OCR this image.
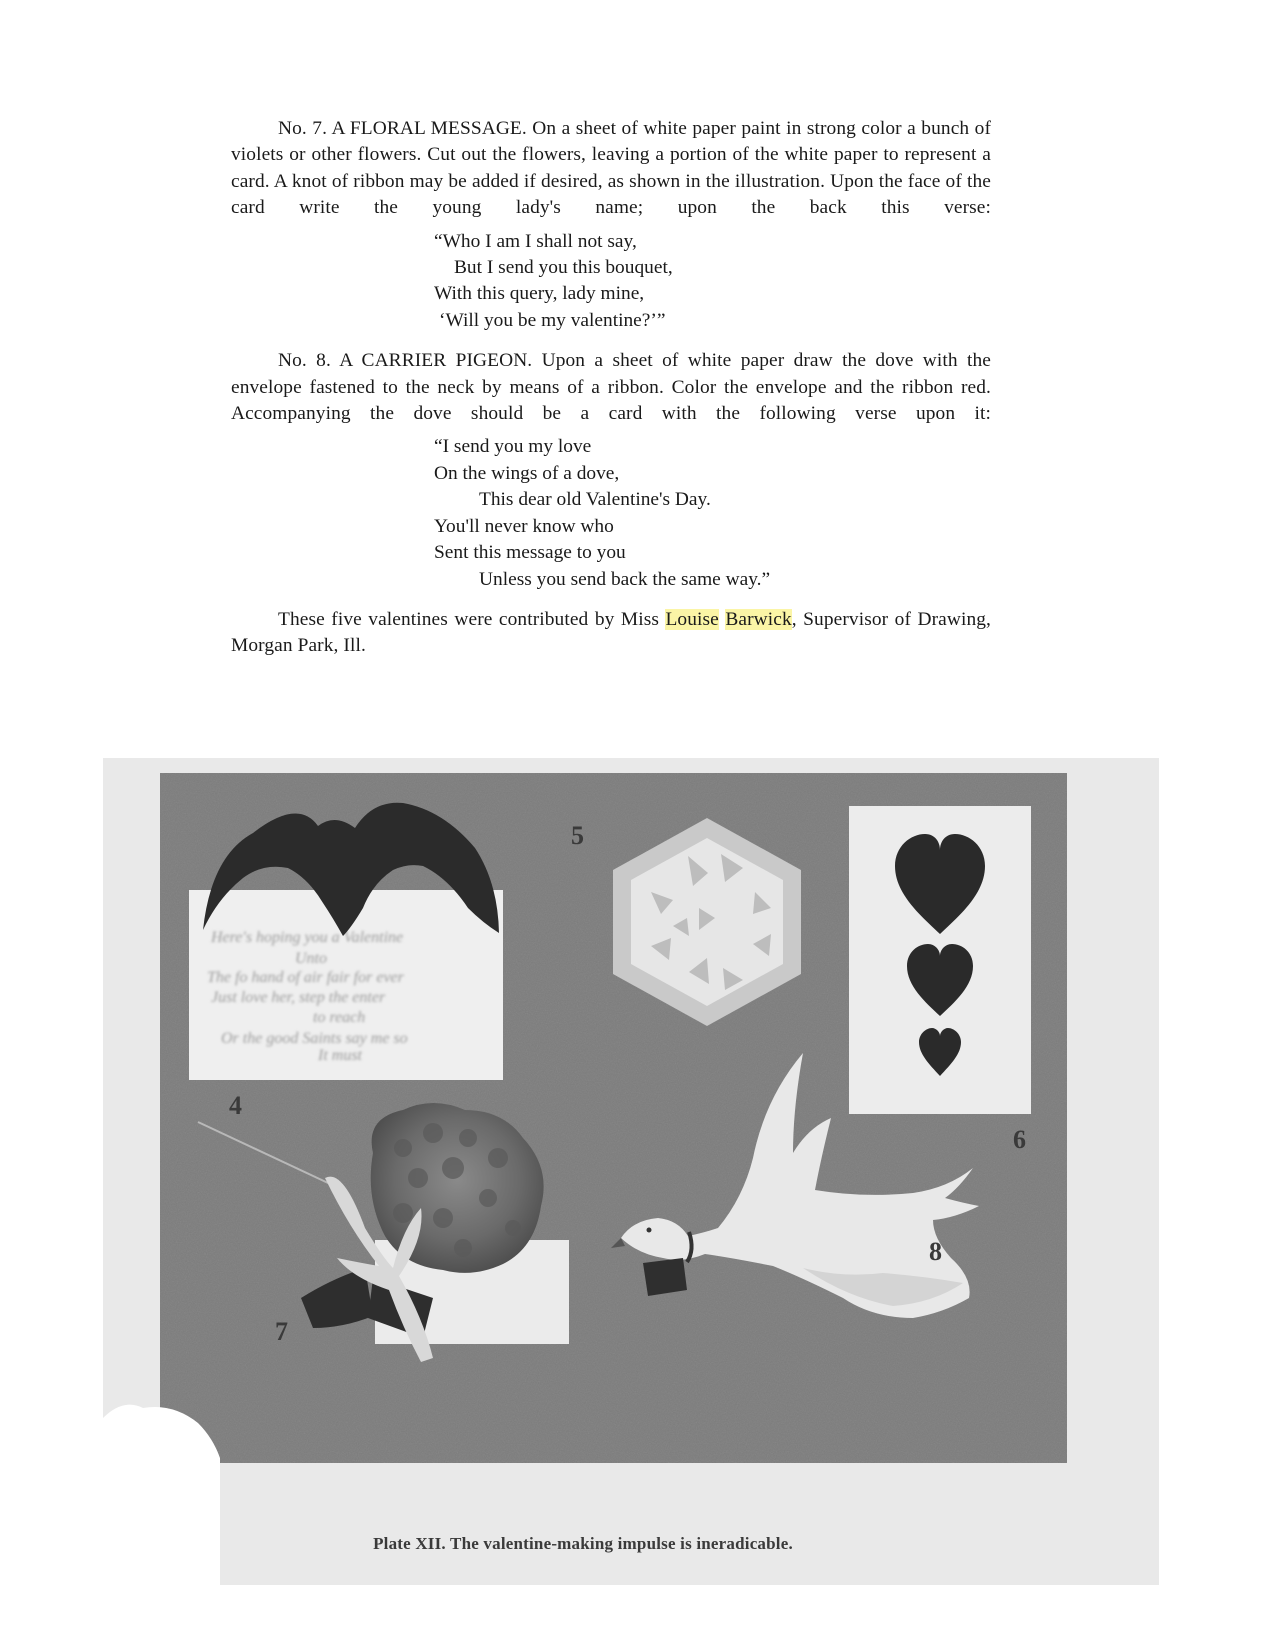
No. 7. A FLORAL MESSAGE. On a sheet of white paper paint in strong color a bunch of violets or other flowers. Cut out the flowers, leaving a portion of the white paper to represent a card. A knot of ribbon may be added if desired, as shown in the illustration. Upon the face of the card write the young lady's name; upon the back this verse:

“Who I am I shall not say,
But I send you this bouquet,
With this query, lady mine,
‘Will you be my valentine?’”

No. 8. A CARRIER PIGEON. Upon a sheet of white paper draw the dove with the envelope fastened to the neck by means of a ribbon. Color the envelope and the ribbon red. Accompanying the dove should be a card with the following verse upon it:

“I send you my love
On the wings of a dove,
This dear old Valentine's Day.
You'll never know who
Sent this message to you
Unless you send back the same way.”

These five valentines were contributed by Miss Louise Barwick, Supervisor of Drawing, Morgan Park, Ill.

Here's hoping you a Valentine
Unto
The fo hand of air fair for ever
Just love her, step the enter
to reach
Or the good Saints say me so
It must
4
5
6
7
8
Plate XII. The valentine-making impulse is ineradicable.
